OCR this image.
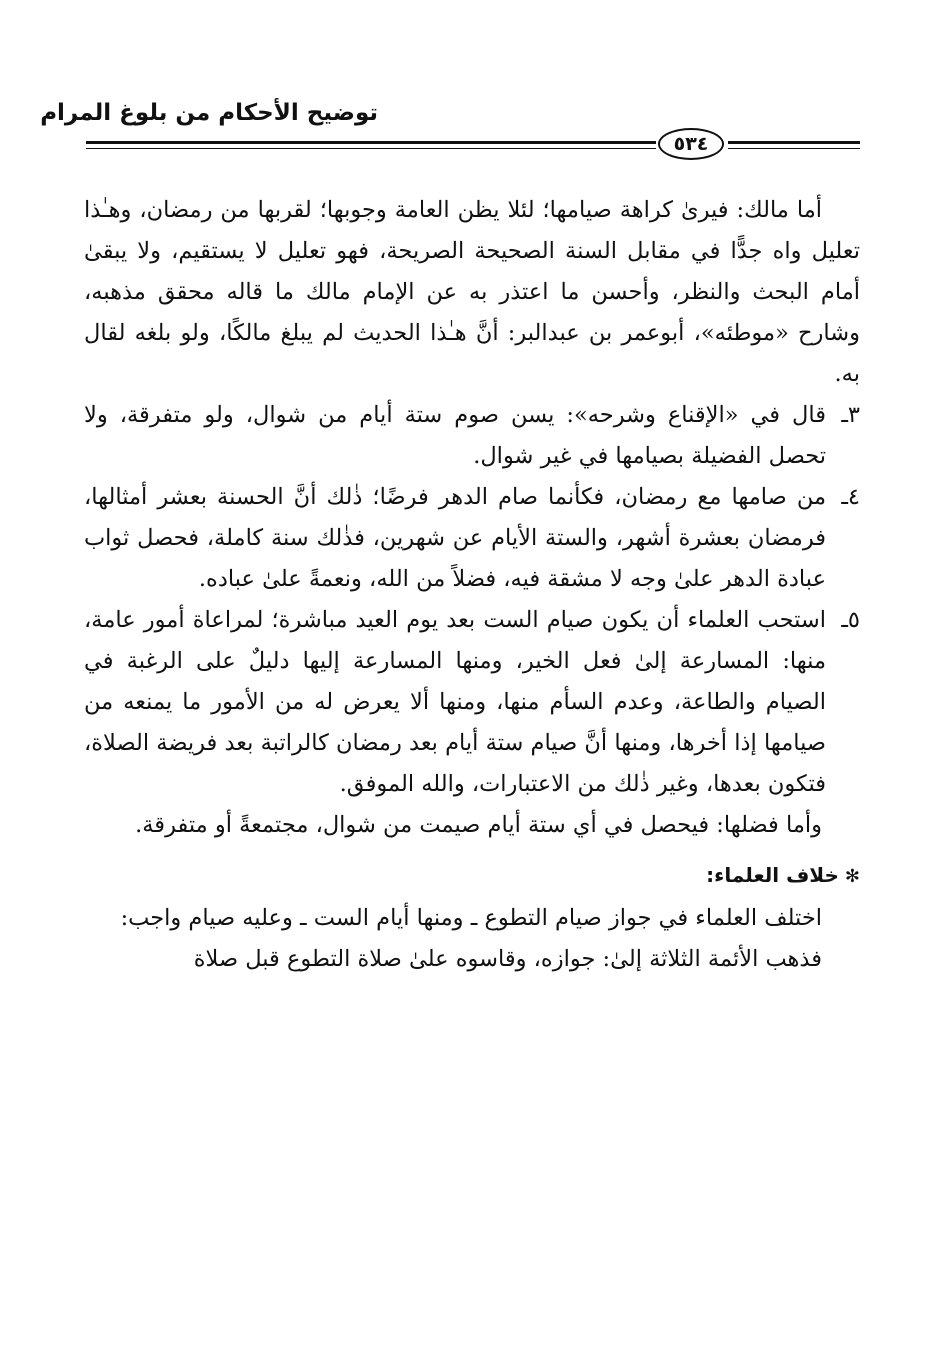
توضيح الأحكام من بلوغ المرام
٥٣٤

أما مالك: فيرىٰ كراهة صيامها؛ لئلا يظن العامة وجوبها؛ لقربها من رمضان، وهـٰذا تعليل واه جدًّا في مقابل السنة الصحيحة الصريحة، فهو تعليل لا يستقيم، ولا يبقىٰ أمام البحث والنظر، وأحسن ما اعتذر به عن الإمام مالك ما قاله محقق مذهبه، وشارح «موطئه»، أبوعمر بن عبدالبر: أنَّ هـٰذا الحديث لم يبلغ مالكًا، ولو بلغه لقال به.

٣ـ
قال في «الإقناع وشرحه»: يسن صوم ستة أيام من شوال، ولو متفرقة، ولا تحصل الفضيلة بصيامها في غير شوال.
٤ـ
من صامها مع رمضان، فكأنما صام الدهر فرضًا؛ ذٰلك أنَّ الحسنة بعشر أمثالها، فرمضان بعشرة أشهر، والستة الأيام عن شهرين، فذٰلك سنة كاملة، فحصل ثواب عبادة الدهر علىٰ وجه لا مشقة فيه، فضلاً من الله، ونعمةً علىٰ عباده.
٥ـ
استحب العلماء أن يكون صيام الست بعد يوم العيد مباشرة؛ لمراعاة أمور عامة، منها: المسارعة إلىٰ فعل الخير، ومنها المسارعة إليها دليلٌ على الرغبة في الصيام والطاعة، وعدم السأم منها، ومنها ألا يعرض له من الأمور ما يمنعه من صيامها إذا أخرها، ومنها أنَّ صيام ستة أيام بعد رمضان كالراتبة بعد فريضة الصلاة، فتكون بعدها، وغير ذٰلك من الاعتبارات، والله الموفق.

وأما فضلها: فيحصل في أي ستة أيام صيمت من شوال، مجتمعةً أو متفرقة.

✻خلاف العلماء:

اختلف العلماء في جواز صيام التطوع ـ ومنها أيام الست ـ وعليه صيام واجب:

فذهب الأئمة الثلاثة إلىٰ: جوازه، وقاسوه علىٰ صلاة التطوع قبل صلاة
